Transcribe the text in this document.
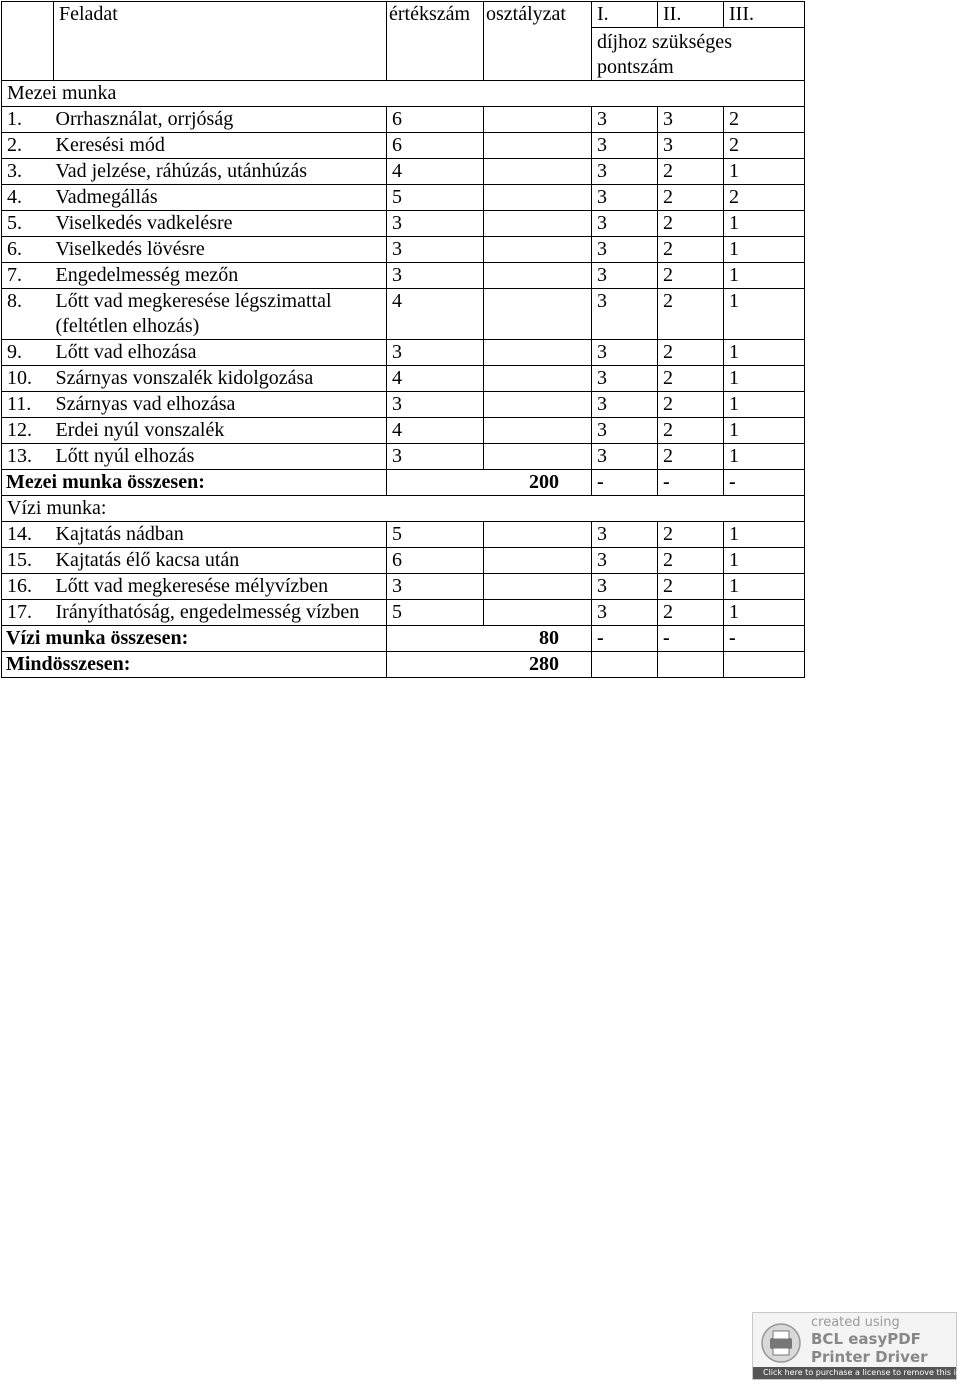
	Feladat	értékszám	osztályzat	I.	II.	III.
				díjhoz szükséges pontszám		
Mezei munka						
1.	Orrhasználat, orrjóság	6		3	3	2
2.	Keresési mód	6		3	3	2
3.	Vad jelzése, ráhúzás, utánhúzás	4		3	2	1
4.	Vadmegállás	5		3	2	2
5.	Viselkedés vadkelésre	3		3	2	1
6.	Viselkedés lövésre	3		3	2	1
7.	Engedelmesség mezőn	3		3	2	1
8.	Lőtt vad megkeresése légszimattal (feltétlen elhozás)	4		3	2	1
9.	Lőtt vad elhozása	3		3	2	1
10.	Szárnyas vonszalék kidolgozása	4		3	2	1
11.	Szárnyas vad elhozása	3		3	2	1
12.	Erdei nyúl vonszalék	4		3	2	1
13.	Lőtt nyúl elhozás	3		3	2	1
Mezei munka összesen:		200		-	-	-
Vízi munka:						
14.	Kajtatás nádban	5		3	2	1
15.	Kajtatás élő kacsa után	6		3	2	1
16.	Lőtt vad megkeresése mélyvízben	3		3	2	1
17.	Irányíthatóság, engedelmesség vízben	5		3	2	1
Vízi munka összesen:		80		-	-	-
Mindösszesen:		280				
created using
BCL easyPDF
Printer Driver
Click here to purchase a license to remove this image
